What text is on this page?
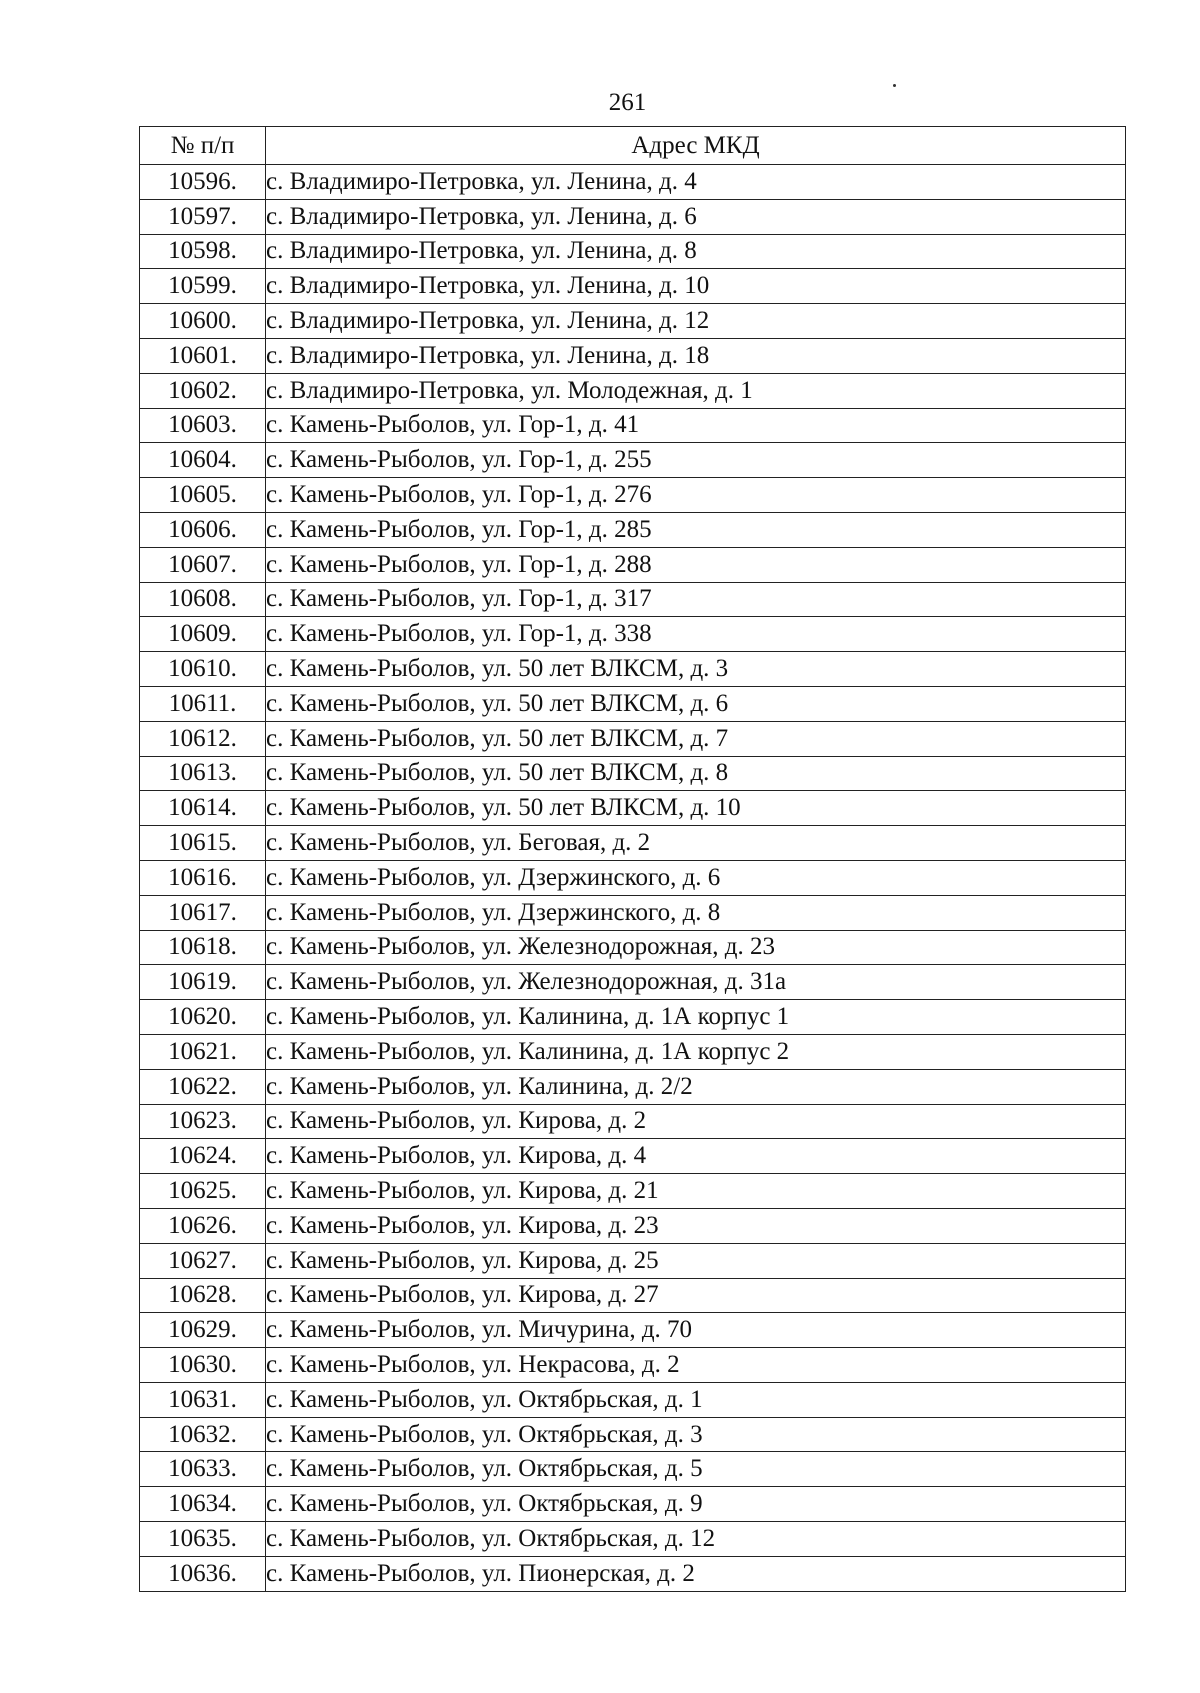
261
№ п/п	Адрес МКД
10596.	с. Владимиро-Петровка, ул. Ленина, д. 4
10597.	с. Владимиро-Петровка, ул. Ленина, д. 6
10598.	с. Владимиро-Петровка, ул. Ленина, д. 8
10599.	с. Владимиро-Петровка, ул. Ленина, д. 10
10600.	с. Владимиро-Петровка, ул. Ленина, д. 12
10601.	с. Владимиро-Петровка, ул. Ленина, д. 18
10602.	с. Владимиро-Петровка, ул. Молодежная, д. 1
10603.	с. Камень-Рыболов, ул. Гор-1, д. 41
10604.	с. Камень-Рыболов, ул. Гор-1, д. 255
10605.	с. Камень-Рыболов, ул. Гор-1, д. 276
10606.	с. Камень-Рыболов, ул. Гор-1, д. 285
10607.	с. Камень-Рыболов, ул. Гор-1, д. 288
10608.	с. Камень-Рыболов, ул. Гор-1, д. 317
10609.	с. Камень-Рыболов, ул. Гор-1, д. 338
10610.	с. Камень-Рыболов, ул. 50 лет ВЛКСМ, д. 3
10611.	с. Камень-Рыболов, ул. 50 лет ВЛКСМ, д. 6
10612.	с. Камень-Рыболов, ул. 50 лет ВЛКСМ, д. 7
10613.	с. Камень-Рыболов, ул. 50 лет ВЛКСМ, д. 8
10614.	с. Камень-Рыболов, ул. 50 лет ВЛКСМ, д. 10
10615.	с. Камень-Рыболов, ул. Беговая, д. 2
10616.	с. Камень-Рыболов, ул. Дзержинского, д. 6
10617.	с. Камень-Рыболов, ул. Дзержинского, д. 8
10618.	с. Камень-Рыболов, ул. Железнодорожная, д. 23
10619.	с. Камень-Рыболов, ул. Железнодорожная, д. 31а
10620.	с. Камень-Рыболов, ул. Калинина, д. 1А корпус 1
10621.	с. Камень-Рыболов, ул. Калинина, д. 1А корпус 2
10622.	с. Камень-Рыболов, ул. Калинина, д. 2/2
10623.	с. Камень-Рыболов, ул. Кирова, д. 2
10624.	с. Камень-Рыболов, ул. Кирова, д. 4
10625.	с. Камень-Рыболов, ул. Кирова, д. 21
10626.	с. Камень-Рыболов, ул. Кирова, д. 23
10627.	с. Камень-Рыболов, ул. Кирова, д. 25
10628.	с. Камень-Рыболов, ул. Кирова, д. 27
10629.	с. Камень-Рыболов, ул. Мичурина, д. 70
10630.	с. Камень-Рыболов, ул. Некрасова, д. 2
10631.	с. Камень-Рыболов, ул. Октябрьская, д. 1
10632.	с. Камень-Рыболов, ул. Октябрьская, д. 3
10633.	с. Камень-Рыболов, ул. Октябрьская, д. 5
10634.	с. Камень-Рыболов, ул. Октябрьская, д. 9
10635.	с. Камень-Рыболов, ул. Октябрьская, д. 12
10636.	с. Камень-Рыболов, ул. Пионерская, д. 2
